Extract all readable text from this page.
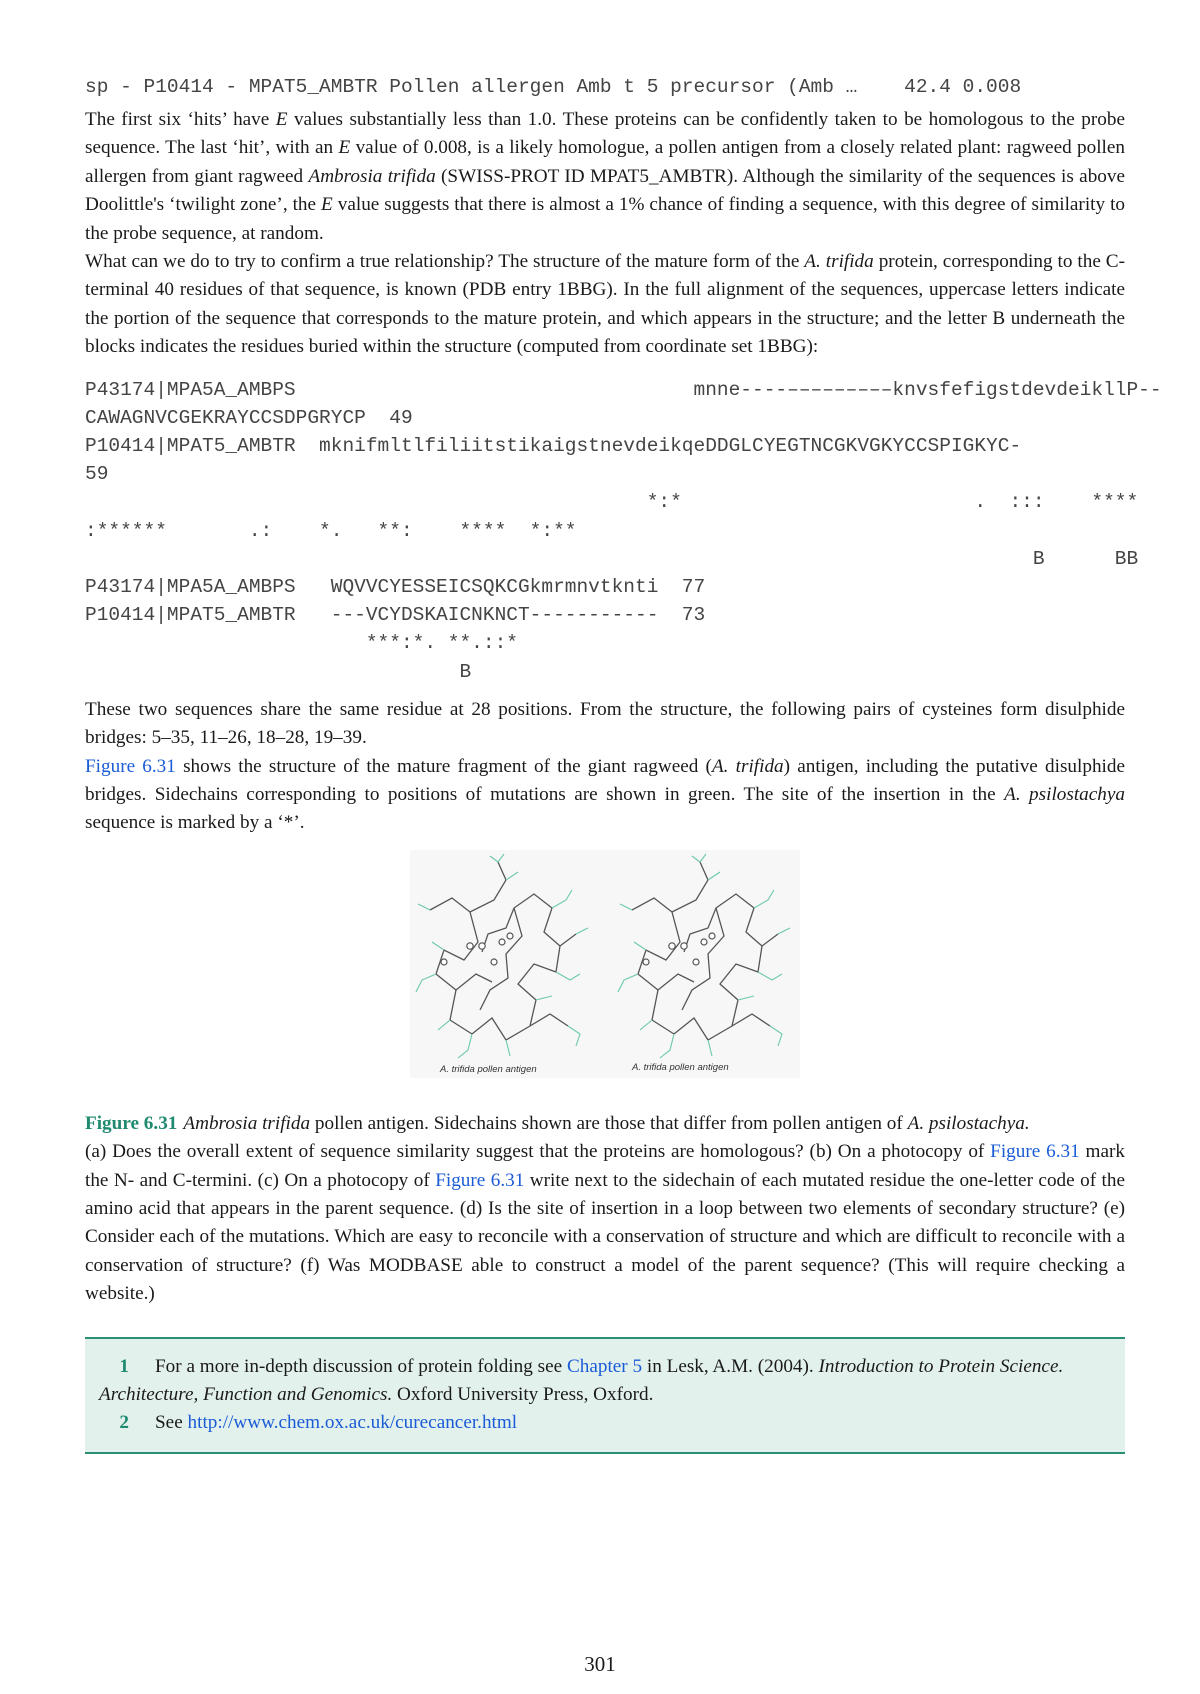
sp - P10414 - MPAT5_AMBTR Pollen allergen Amb t 5 precursor (Amb …    42.4 0.008

The first six ‘hits’ have E values substantially less than 1.0. These proteins can be confidently taken to be homologous to the probe sequence. The last ‘hit’, with an E value of 0.008, is a likely homologue, a pollen antigen from a closely related plant: ragweed pollen allergen from giant ragweed Ambrosia trifida (SWISS-PROT ID MPAT5_AMBTR). Although the similarity of the sequences is above Doolittle's ‘twilight zone’, the E value suggests that there is almost a 1% chance of finding a sequence, with this degree of similarity to the probe sequence, at random.

What can we do to try to confirm a true relationship? The structure of the mature form of the A. trifida protein, corresponding to the C-terminal 40 residues of that sequence, is known (PDB entry 1BBG). In the full alignment of the sequences, uppercase letters indicate the portion of the sequence that corresponds to the mature protein, and which appears in the structure; and the letter B underneath the blocks indicates the residues buried within the structure (computed from coordinate set 1BBG):

P43174|MPA5A_AMBPS                                  mnne----–––––––––knvsfefigstdevdeikllP--
CAWAGNVCGEKRAYCCSDPGRYCP  49
P10414|MPAT5_AMBTR  mknifmltlfiliitstikaigstnevdeikqeDDGLCYEGTNCGKVGKYCCSPIGKYC-
59
*:*                         .  :::    ****
:******       .:    *.   **:    ****  *:**
B      BB
P43174|MPA5A_AMBPS   WQVVCYESSEICSQKCGkmrmnvtknti  77
P10414|MPAT5_AMBTR   ---VCYDSKAICNKNCT-----------  73
***:*. **.::*
B

These two sequences share the same residue at 28 positions. From the structure, the following pairs of cysteines form disulphide bridges: 5–35, 11–26, 18–28, 19–39.

Figure 6.31 shows the structure of the mature fragment of the giant ragweed (A. trifida) antigen, including the putative disulphide bridges. Sidechains corresponding to positions of mutations are shown in green. The site of the insertion in the A. psilostachya sequence is marked by a ‘*’.

A. trifida pollen antigen	A. trifida pollen antigen
Figure 6.31 Ambrosia trifida pollen antigen. Sidechains shown are those that differ from pollen antigen of A. psilostachya.

(a) Does the overall extent of sequence similarity suggest that the proteins are homologous? (b) On a photocopy of Figure 6.31 mark the N- and C-termini. (c) On a photocopy of Figure 6.31 write next to the sidechain of each mutated residue the one-letter code of the amino acid that appears in the parent sequence. (d) Is the site of insertion in a loop between two elements of secondary structure? (e) Consider each of the mutations. Which are easy to reconcile with a conservation of structure and which are difficult to reconcile with a conservation of structure? (f) Was MODBASE able to construct a model of the parent sequence? (This will require checking a website.)

1 For a more in-depth discussion of protein folding see Chapter 5 in Lesk, A.M. (2004). Introduction to Protein Science. Architecture, Function and Genomics. Oxford University Press, Oxford.
2 See http://www.chem.ox.ac.uk/curecancer.html
301
